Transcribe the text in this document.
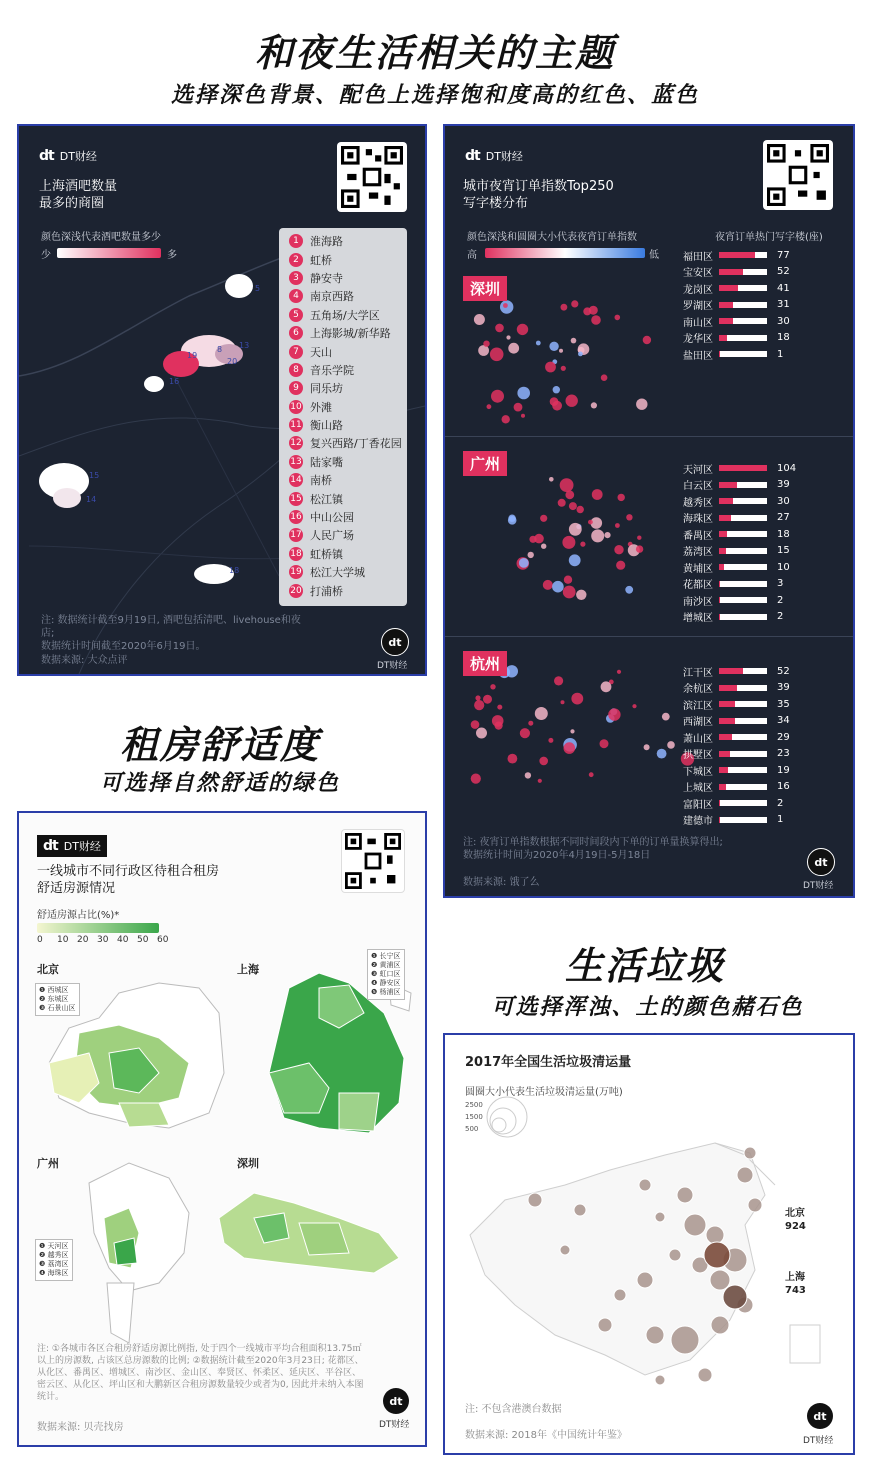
和夜生活相关的主题
选择深色背景、配色上选择饱和度高的红色、蓝色
租房舒适度
可选择自然舒适的绿色
生活垃圾
可选择浑浊、土的颜色赭石色
dt DT财经
上海酒吧数量
最多的商圈
颜色深浅代表酒吧数量多少
少	多
5
13
8
19
15
14
18
16
20
1	淮海路
2	虹桥
3	静安寺
4	南京西路
5	五角场/大学区
6	上海影城/新华路
7	天山
8	音乐学院
9	同乐坊
10 外滩
11 衡山路
12 复兴西路/丁香花园
13 陆家嘴
14 南桥
15 松江镇
16 中山公园
17 人民广场
18 虹桥镇
19 松江大学城
20 打浦桥
注: 数据统计截至9月19日, 酒吧包括清吧、livehouse和夜店;
数据统计时间截至2020年6月19日。
数据来源: 大众点评
dt
DT财经
dt DT财经
城市夜宵订单指数Top250
写字楼分布
颜色深浅和圆圈大小代表夜宵订单指数
高	低
夜宵订单热门写字楼(座)
深圳
广州
杭州
福田区	77
宝安区	52
龙岗区	41
罗湖区	31
南山区	30
龙华区	18
盐田区	1
天河区	104
白云区	39
越秀区	30
海珠区	27
番禺区	18
荔湾区	15
黄埔区	10
花都区	3
南沙区	2
增城区	2
江干区	52
余杭区	39
滨江区	35
西湖区	34
萧山区	29
拱墅区	23
下城区	19
上城区	16
富阳区	2
建德市	1
注: 夜宵订单指数根据不同时间段内下单的订单量换算得出;
数据统计时间为2020年4月19日-5月18日
数据来源: 饿了么
dt
DT财经
dt DT财经
一线城市不同行政区待租合租房
舒适房源情况
舒适房源占比(%)*
0 10 20 30 40 50 60
北京	上海
广州	深圳
❶ 西城区
❷ 东城区
❸ 石景山区
❶ 长宁区
❷ 黄浦区
❸ 虹口区
❹ 静安区
❺ 杨浦区
❶ 天河区
❷ 越秀区
❸ 荔湾区
❹ 海珠区
注: ①各城市各区合租房舒适房源比例指, 处于四个一线城市平均合租面积13.75㎡以上的房源数, 占该区总房源数的比例; ②数据统计截至2020年3月23日; 花都区、从化区、番禺区、增城区、南沙区、金山区、奉贤区、怀柔区、延庆区、平谷区、密云区、从化区、坪山区和大鹏新区合租房源数量较少或者为0, 因此并未纳入本图统计。
数据来源: 贝壳找房
dt
DT财经
2017年全国生活垃圾清运量
圆圈大小代表生活垃圾清运量(万吨)
2500
1500
500
北京
924
上海
743
注: 不包含港澳台数据
数据来源: 2018年《中国统计年鉴》
dt
DT财经
